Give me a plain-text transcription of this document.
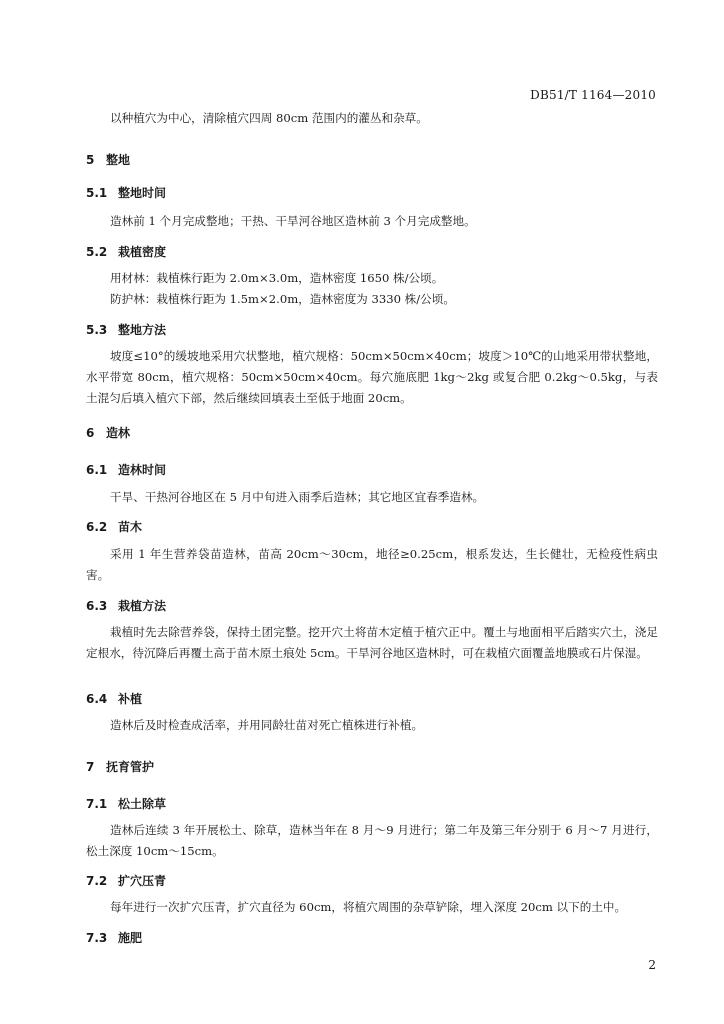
DB51/T 1164—2010

以种植穴为中心，清除植穴四周 80cm 范围内的灌丛和杂草。

5 整地
5.1 整地时间

造林前 1 个月完成整地；干热、干旱河谷地区造林前 3 个月完成整地。

5.2 栽植密度

用材林：栽植株行距为 2.0m×3.0m，造林密度 1650 株/公顷。

防护林：栽植株行距为 1.5m×2.0m，造林密度为 3330 株/公顷。

5.3 整地方法

坡度≤10°的缓坡地采用穴状整地，植穴规格：50cm×50cm×40cm；坡度＞10℃的山地采用带状整地，水平带宽 80cm，植穴规格：50cm×50cm×40cm。每穴施底肥 1kg～2kg 或复合肥 0.2kg～0.5kg，与表土混匀后填入植穴下部，然后继续回填表土至低于地面 20cm。

6 造林
6.1 造林时间

干旱、干热河谷地区在 5 月中旬进入雨季后造林；其它地区宜春季造林。

6.2 苗木

采用 1 年生营养袋苗造林，苗高 20cm～30cm，地径≥0.25cm，根系发达，生长健壮，无检疫性病虫害。

6.3 栽植方法

栽植时先去除营养袋，保持土团完整。挖开穴土将苗木定植于植穴正中。覆土与地面相平后踏实穴土，浇足定根水，待沉降后再覆土高于苗木原土痕处 5cm。干旱河谷地区造林时，可在栽植穴面覆盖地膜或石片保湿。

6.4 补植

造林后及时检查成活率，并用同龄壮苗对死亡植株进行补植。

7 抚育管护
7.1 松土除草

造林后连续 3 年开展松土、除草，造林当年在 8 月～9 月进行；第二年及第三年分别于 6 月～7 月进行，松土深度 10cm～15cm。

7.2 扩穴压青

每年进行一次扩穴压青，扩穴直径为 60cm，将植穴周围的杂草铲除，埋入深度 20cm 以下的土中。

7.3 施肥
2
